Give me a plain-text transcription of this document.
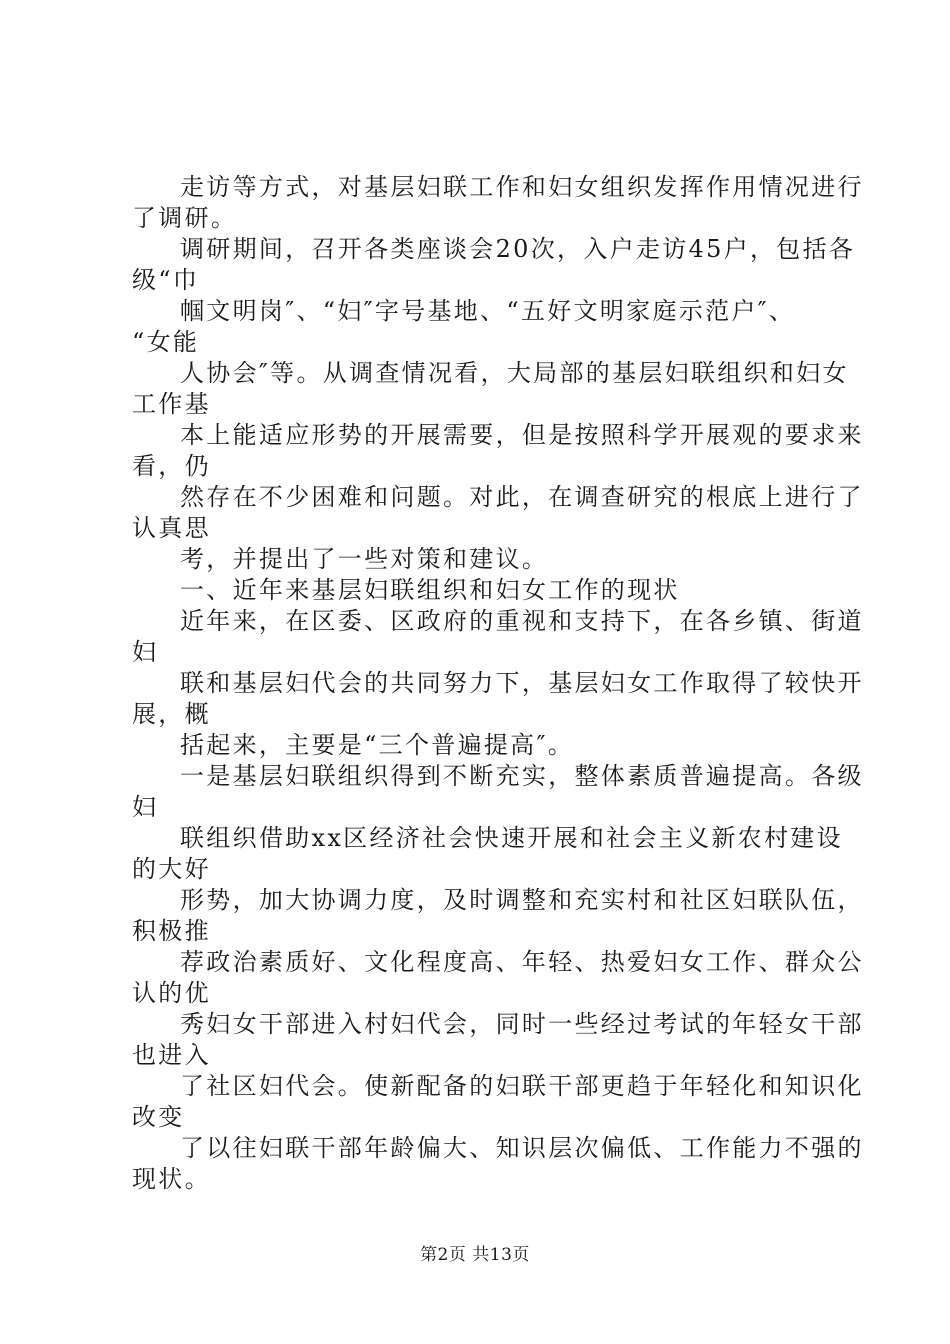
走访等方式，对基层妇联工作和妇女组织发挥作用情况进行

了调研。

调研期间，召开各类座谈会20次，入户走访45户，包括各

级“巾

帼文明岗″、“妇″字号基地、“五好文明家庭示范户″、

“女能

人协会″等。从调查情况看，大局部的基层妇联组织和妇女

工作基

本上能适应形势的开展需要，但是按照科学开展观的要求来

看，仍

然存在不少困难和问题。对此，在调查研究的根底上进行了

认真思

考，并提出了一些对策和建议。

一、近年来基层妇联组织和妇女工作的现状

近年来，在区委、区政府的重视和支持下，在各乡镇、街道

妇

联和基层妇代会的共同努力下，基层妇女工作取得了较快开

展，概

括起来，主要是“三个普遍提高″。

一是基层妇联组织得到不断充实，整体素质普遍提高。各级

妇

联组织借助xx区经济社会快速开展和社会主义新农村建设

的大好

形势，加大协调力度，及时调整和充实村和社区妇联队伍，

积极推

荐政治素质好、文化程度高、年轻、热爱妇女工作、群众公

认的优

秀妇女干部进入村妇代会，同时一些经过考试的年轻女干部

也进入

了社区妇代会。使新配备的妇联干部更趋于年轻化和知识化

改变

了以往妇联干部年龄偏大、知识层次偏低、工作能力不强的

现状。

第2页 共13页
